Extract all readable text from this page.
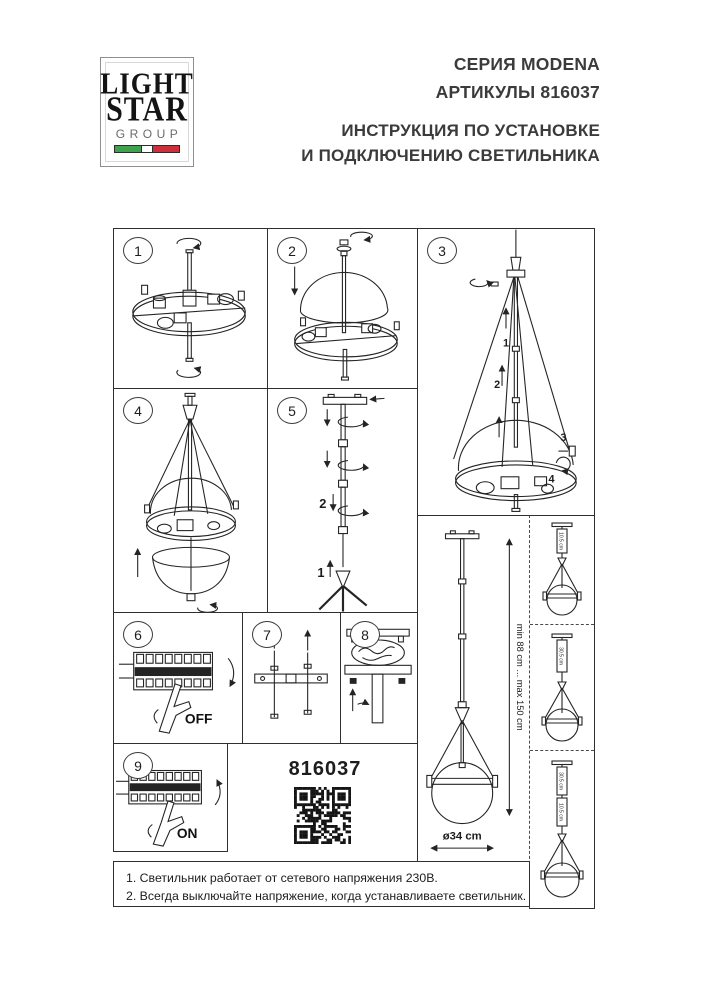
LIGHT
STAR
GROUP
СЕРИЯ MODENA
АРТИКУЛЫ 816037
ИНСТРУКЦИЯ ПО УСТАНОВКЕ
И ПОДКЛЮЧЕНИЮ СВЕТИЛЬНИКА
1	2	3
1
2
3
4
4	5
2
1
6
OFF
7	8
9
ON
816037
min 88 cm ... max 150 cm
ø34 cm
10.5 cm
30.5 cm
30.5 cm
10.5 cm
1. Светильник работает от сетевого напряжения 230В.
2. Всегда выключайте напряжение, когда устанавливаете светильник.
